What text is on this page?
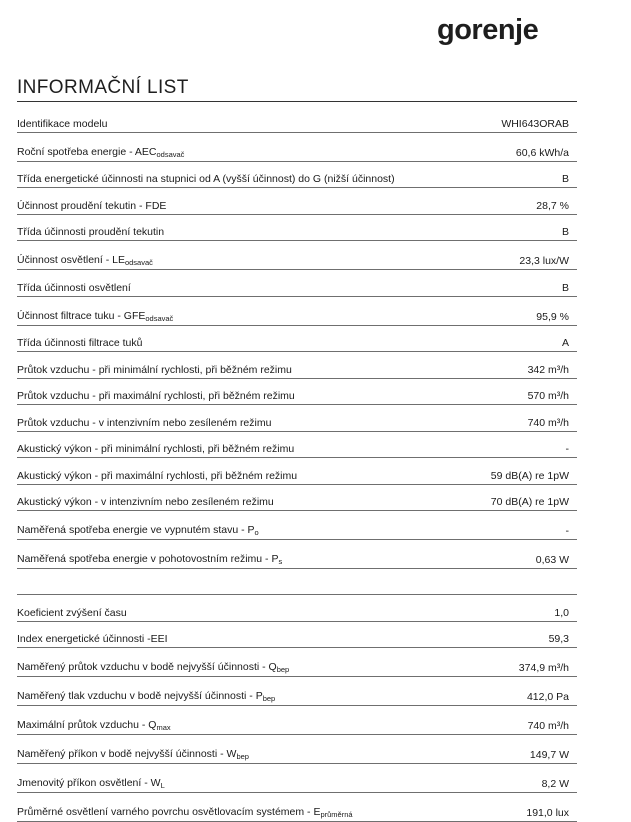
gorenje
INFORMAČNÍ LIST
Identifikace modelu	WHI643ORAB
Roční spotřeba energie - $AEC_{odsavač}$	60,6 kWh/a
Třída energetické účinnosti na stupnici od A (vyšší účinnost) do G (nižší účinnost)	B
Účinnost proudění tekutin - FDE	28,7 %
Třída účinnosti proudění tekutin	B
Účinnost osvětlení - $LE_{odsavač}$	23,3 lux/W
Třída účinnosti osvětlení	B
Účinnost filtrace tuku - $GFE_{odsavač}$	95,9 %
Třída účinnosti filtrace tuků	A
Průtok vzduchu - při minimální rychlosti, při běžném režimu	342 m³/h
Průtok vzduchu - při maximální rychlosti, při běžném režimu	570 m³/h
Průtok vzduchu - v intenzivním nebo zesíleném režimu	740 m³/h
Akustický výkon - při minimální rychlosti, při běžném režimu	-
Akustický výkon - při maximální rychlosti, při běžném režimu	59 dB(A) re 1pW
Akustický výkon - v intenzivním nebo zesíleném režimu	70 dB(A) re 1pW
Naměřená spotřeba energie ve vypnutém stavu - $P_o$	-
Naměřená spotřeba energie v pohotovostním režimu - $P_s$	0,63 W
Koeficient zvýšení času	1,0
Index energetické účinnosti -EEI	59,3
Naměřený průtok vzduchu v bodě nejvyšší účinnosti - $Q_{bep}$	374,9 m³/h
Naměřený tlak vzduchu v bodě nejvyšší účinnosti - $P_{bep}$	412,0 Pa
Maximální průtok vzduchu - $Q_{max}$	740 m³/h
Naměřený příkon v bodě nejvyšší účinnosti - $W_{bep}$	149,7 W
Jmenovitý příkon osvětlení - $W_L$	8,2 W
Průměrné osvětlení varného povrchu osvětlovacím systémem - $E_{průměrná}$	191,0 lux
